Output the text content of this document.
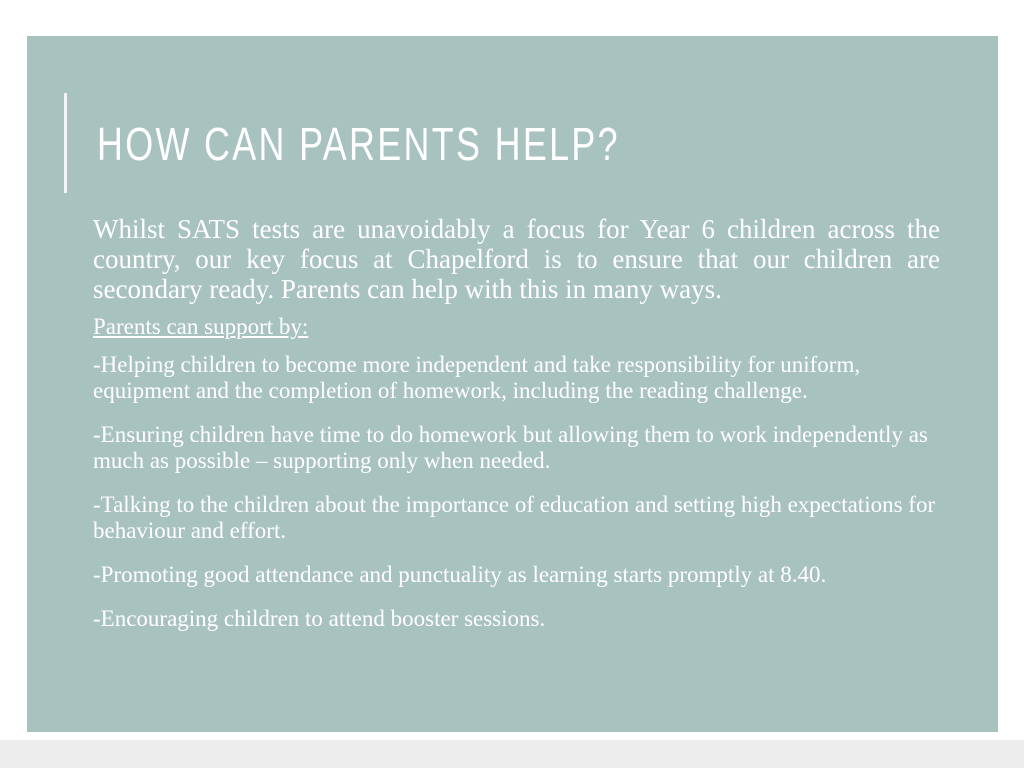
HOW CAN PARENTS HELP?

Whilst SATS tests are unavoidably a focus for Year 6 children across the country, our key focus at Chapelford is to ensure that our children are secondary ready. Parents can help with this in many ways.

Parents can support by:

-Helping children to become more independent and take responsibility for uniform, equipment and the completion of homework, including the reading challenge.

-Ensuring children have time to do homework but allowing them to work independently as much as possible – supporting only when needed.

-Talking to the children about the importance of education and setting high expectations for behaviour and effort.

-Promoting good attendance and punctuality as learning starts promptly at 8.40.

-Encouraging children to attend booster sessions.
